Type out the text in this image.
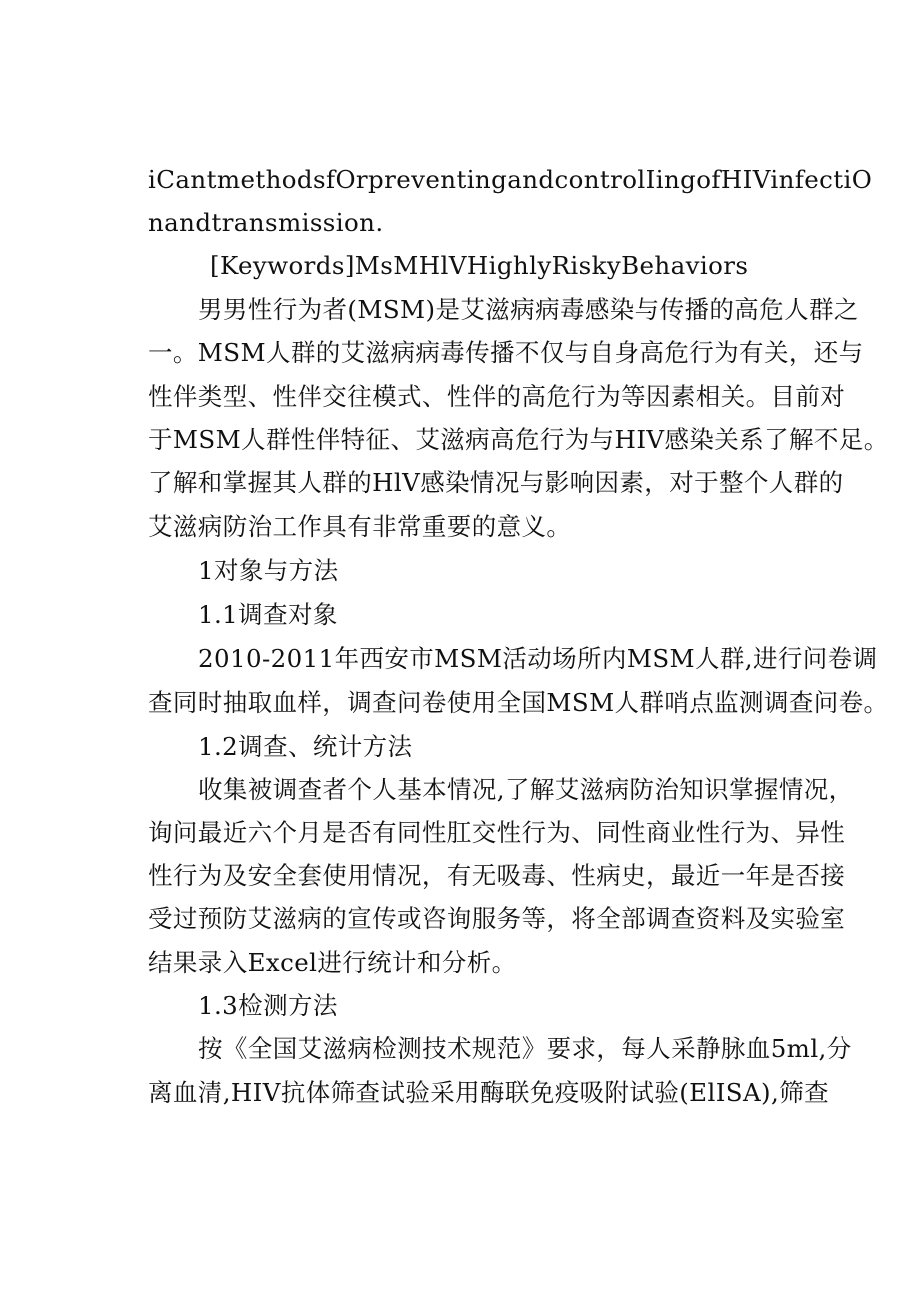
iCantmethodsfOrpreventingandcontrolIingofHIVinfectiO
nandtransmission.
[Keywords]MsMHlVHighlyRiskyBehaviors
男男性行为者(MSM)是艾滋病病毒感染与传播的高危人群之
一。MSM人群的艾滋病病毒传播不仅与自身高危行为有关，还与
性伴类型、性伴交往模式、性伴的高危行为等因素相关。目前对
于MSM人群性伴特征、艾滋病高危行为与HIV感染关系了解不足。
了解和掌握其人群的HlV感染情况与影响因素，对于整个人群的
艾滋病防治工作具有非常重要的意义。
1对象与方法
1.1调查对象
2010-2011年西安市MSM活动场所内MSM人群,进行问卷调
查同时抽取血样，调查问卷使用全国MSM人群哨点监测调查问卷。
1.2调查、统计方法
收集被调查者个人基本情况,了解艾滋病防治知识掌握情况，
询问最近六个月是否有同性肛交性行为、同性商业性行为、异性
性行为及安全套使用情况，有无吸毒、性病史，最近一年是否接
受过预防艾滋病的宣传或咨询服务等，将全部调查资料及实验室
结果录入Excel进行统计和分析。
1.3检测方法
按《全国艾滋病检测技术规范》要求，每人采静脉血5ml,分
离血清,HIV抗体筛查试验采用酶联免疫吸附试验(ElISA),筛查
